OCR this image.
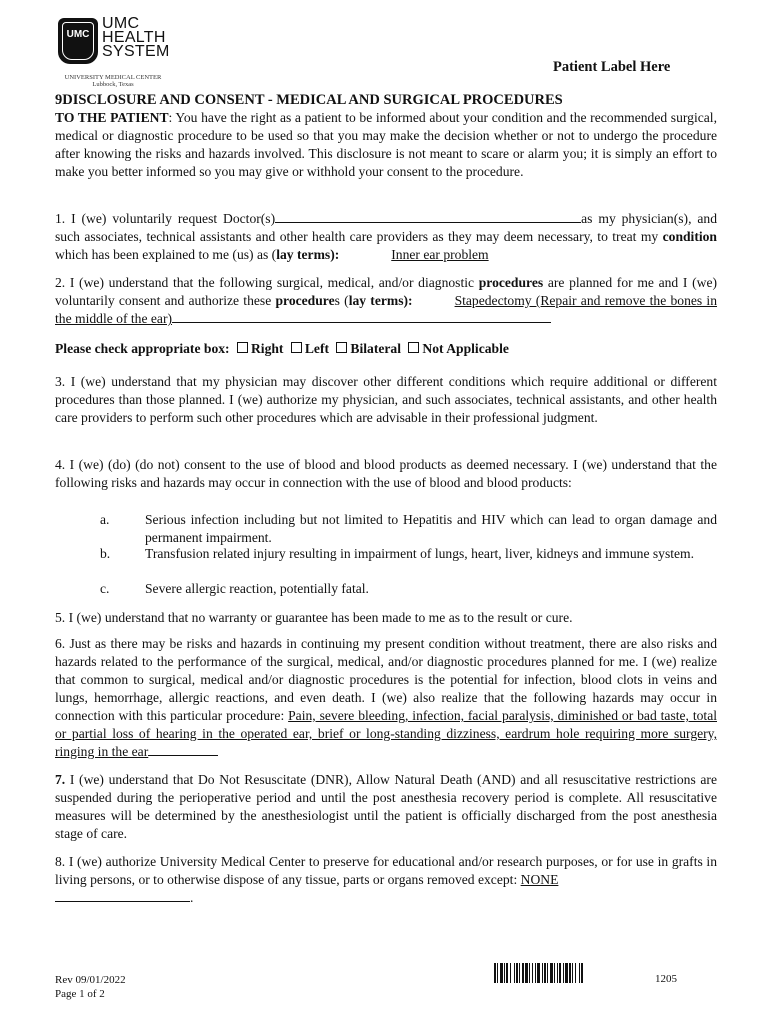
UMC
UMC
HEALTH
SYSTEM
UNIVERSITY MEDICAL CENTER
Lubbock, Texas
Patient Label Here
9DISCLOSURE AND CONSENT - MEDICAL AND SURGICAL PROCEDURES
TO THE PATIENT: You have the right as a patient to be informed about your condition and the recommended surgical, medical or diagnostic procedure to be used so that you may make the decision whether or not to undergo the procedure after knowing the risks and hazards involved. This disclosure is not meant to scare or alarm you; it is simply an effort to make you better informed so you may give or withhold your consent to the procedure.
1. I (we) voluntarily request Doctor(s)	as my physician(s), and such associates, technical assistants and other health care providers as they may deem necessary, to treat my condition which has been explained to me (us) as (lay terms):	Inner ear problem
2. I (we) understand that the following surgical, medical, and/or diagnostic procedures are planned for me and I (we) voluntarily consent and authorize these procedures (lay terms):	Stapedectomy (Repair and remove the bones in the middle of the ear)
Please check appropriate box: Right Left Bilateral Not Applicable
3. I (we) understand that my physician may discover other different conditions which require additional or different procedures than those planned. I (we) authorize my physician, and such associates, technical assistants, and other health care providers to perform such other procedures which are advisable in their professional judgment.
4. I (we) (do) (do not) consent to the use of blood and blood products as deemed necessary. I (we) understand that the following risks and hazards may occur in connection with the use of blood and blood products:
a.	Serious infection including but not limited to Hepatitis and HIV which can lead to organ damage and permanent impairment.
b.	Transfusion related injury resulting in impairment of lungs, heart, liver, kidneys and immune system.
c.	Severe allergic reaction, potentially fatal.
5. I (we) understand that no warranty or guarantee has been made to me as to the result or cure.
6. Just as there may be risks and hazards in continuing my present condition without treatment, there are also risks and hazards related to the performance of the surgical, medical, and/or diagnostic procedures planned for me. I (we) realize that common to surgical, medical and/or diagnostic procedures is the potential for infection, blood clots in veins and lungs, hemorrhage, allergic reactions, and even death. I (we) also realize that the following hazards may occur in connection with this particular procedure: Pain, severe bleeding, infection, facial paralysis, diminished or bad taste, total or partial loss of hearing in the operated ear, brief or long-standing dizziness, eardrum hole requiring more surgery, ringing in the ear
7. I (we) understand that Do Not Resuscitate (DNR), Allow Natural Death (AND) and all resuscitative restrictions are suspended during the perioperative period and until the post anesthesia recovery period is complete. All resuscitative measures will be determined by the anesthesiologist until the patient is officially discharged from the post anesthesia stage of care.
8. I (we) authorize University Medical Center to preserve for educational and/or research purposes, or for use in grafts in living persons, or to otherwise dispose of any tissue, parts or organs removed except: NONE
.
Rev 09/01/2022
Page 1 of 2
1205
